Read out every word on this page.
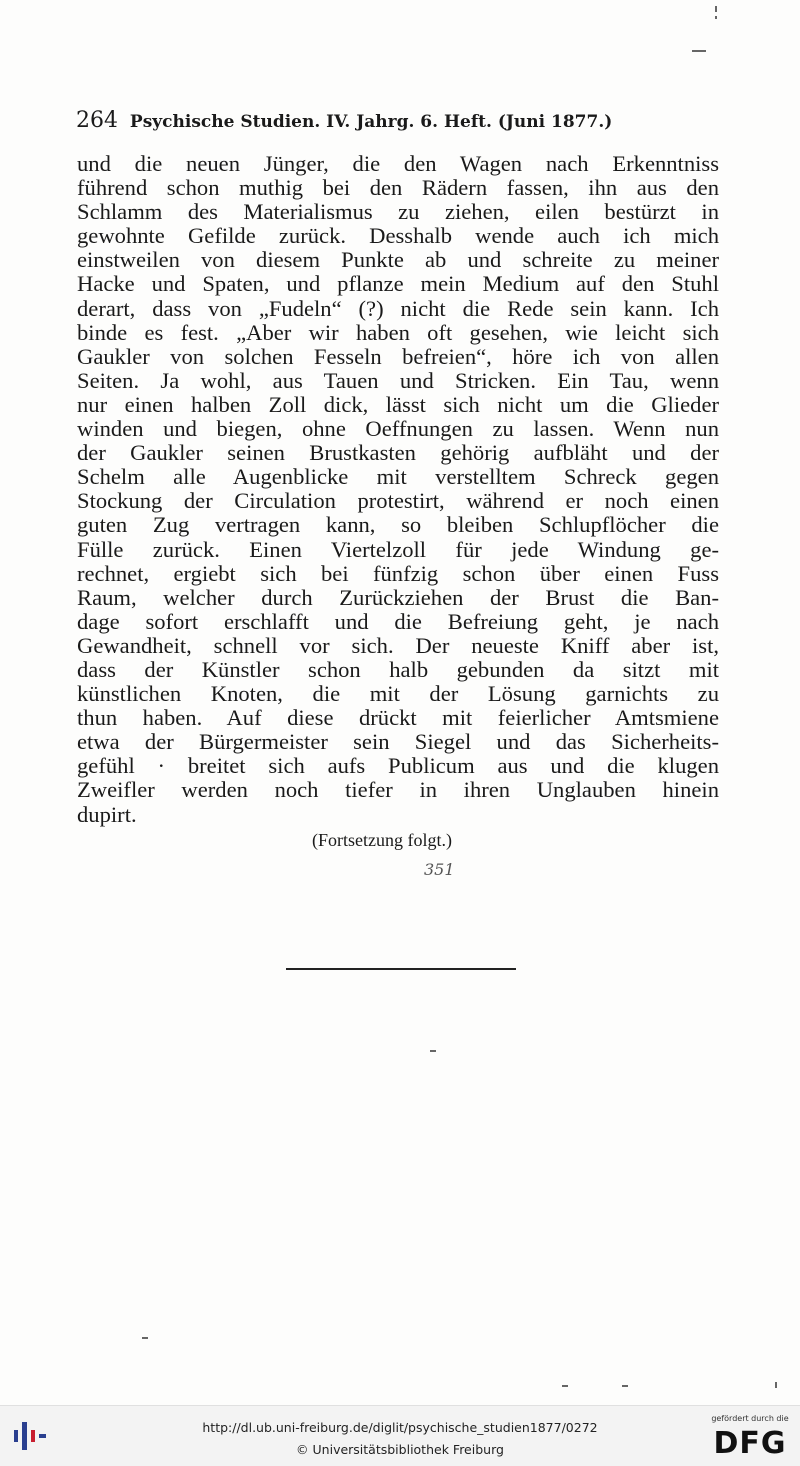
264 Psychische Studien. IV. Jahrg. 6. Heft. (Juni 1877.)
und die neuen Jünger, die den Wagen nach Erkenntniss
führend schon muthig bei den Rädern fassen, ihn aus den
Schlamm des Materialismus zu ziehen, eilen bestürzt in
gewohnte Gefilde zurück. Desshalb wende auch ich mich
einstweilen von diesem Punkte ab und schreite zu meiner
Hacke und Spaten, und pflanze mein Medium auf den Stuhl
derart, dass von „Fudeln“ (?) nicht die Rede sein kann. Ich
binde es fest. „Aber wir haben oft gesehen, wie leicht sich
Gaukler von solchen Fesseln befreien“, höre ich von allen
Seiten. Ja wohl, aus Tauen und Stricken. Ein Tau, wenn
nur einen halben Zoll dick, lässt sich nicht um die Glieder
winden und biegen, ohne Oeffnungen zu lassen. Wenn nun
der Gaukler seinen Brustkasten gehörig aufbläht und der
Schelm alle Augenblicke mit verstelltem Schreck gegen
Stockung der Circulation protestirt, während er noch einen
guten Zug vertragen kann, so bleiben Schlupflöcher die
Fülle zurück. Einen Viertelzoll für jede Windung ge-
rechnet, ergiebt sich bei fünfzig schon über einen Fuss
Raum, welcher durch Zurückziehen der Brust die Ban-
dage sofort erschlafft und die Befreiung geht, je nach
Gewandheit, schnell vor sich. Der neueste Kniff aber ist,
dass der Künstler schon halb gebunden da sitzt mit
künstlichen Knoten, die mit der Lösung garnichts zu
thun haben. Auf diese drückt mit feierlicher Amtsmiene
etwa der Bürgermeister sein Siegel und das Sicherheits-
gefühl · breitet sich aufs Publicum aus und die klugen
Zweifler werden noch tiefer in ihren Unglauben hinein
dupirt.
(Fortsetzung folgt.)
351
http://dl.ub.uni-freiburg.de/diglit/psychische_studien1877/0272
© Universitätsbibliothek Freiburg
gefördert durch die
DFG
